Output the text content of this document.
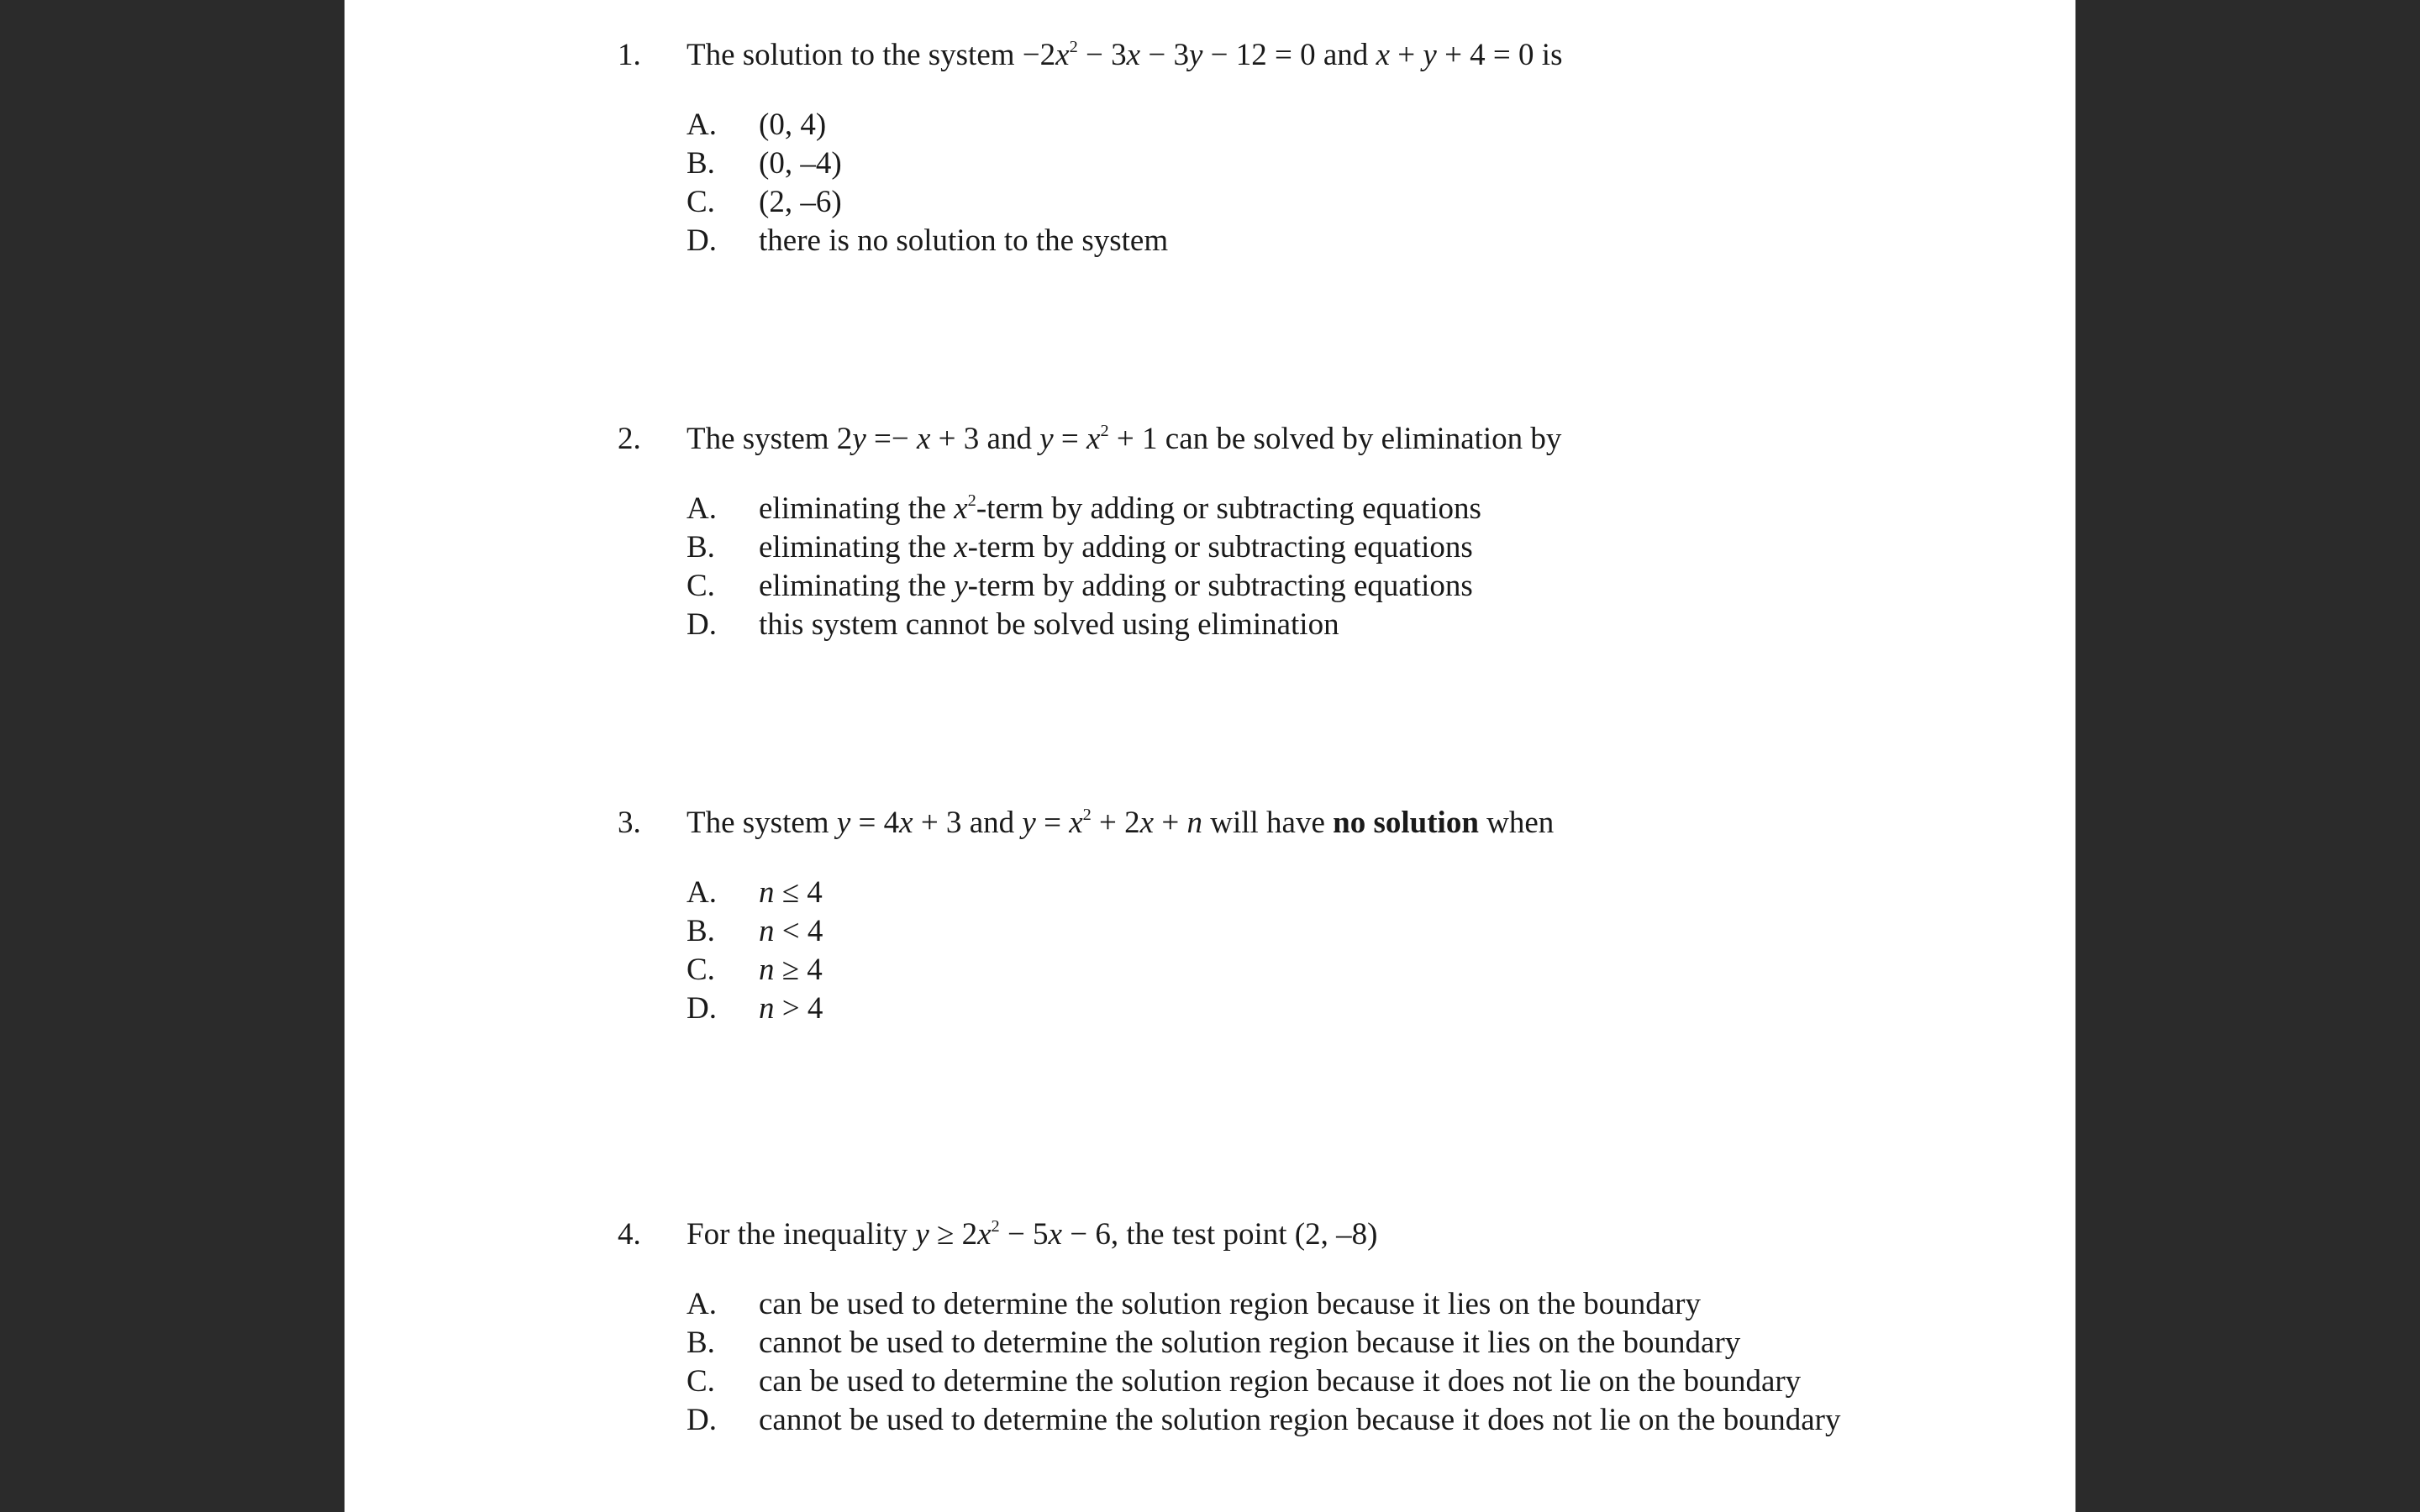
1. The solution to the system $-2x^2 - 3x - 3y - 12 = 0$ and x + y + 4 = 0 is
A. (0, 4)
B. (0, –4)
C. (2, –6)
D. there is no solution to the system
2. The system 2y =− x + 3 and $y = x^2 + 1$ can be solved by elimination by
A. eliminating the $x^2$-term by adding or subtracting equations
B. eliminating the x-term by adding or subtracting equations
C. eliminating the y-term by adding or subtracting equations
D. this system cannot be solved using elimination
3. The system y = 4x + 3 and $y = x^2 + 2x + n$ will have no solution when
A. n ≤ 4
B. n < 4
C. n ≥ 4
D. n > 4
4. For the inequality $y \ge 2x^2 - 5x - 6$, the test point (2, –8)
A. can be used to determine the solution region because it lies on the boundary
B. cannot be used to determine the solution region because it lies on the boundary
C. can be used to determine the solution region because it does not lie on the boundary
D. cannot be used to determine the solution region because it does not lie on the boundary
